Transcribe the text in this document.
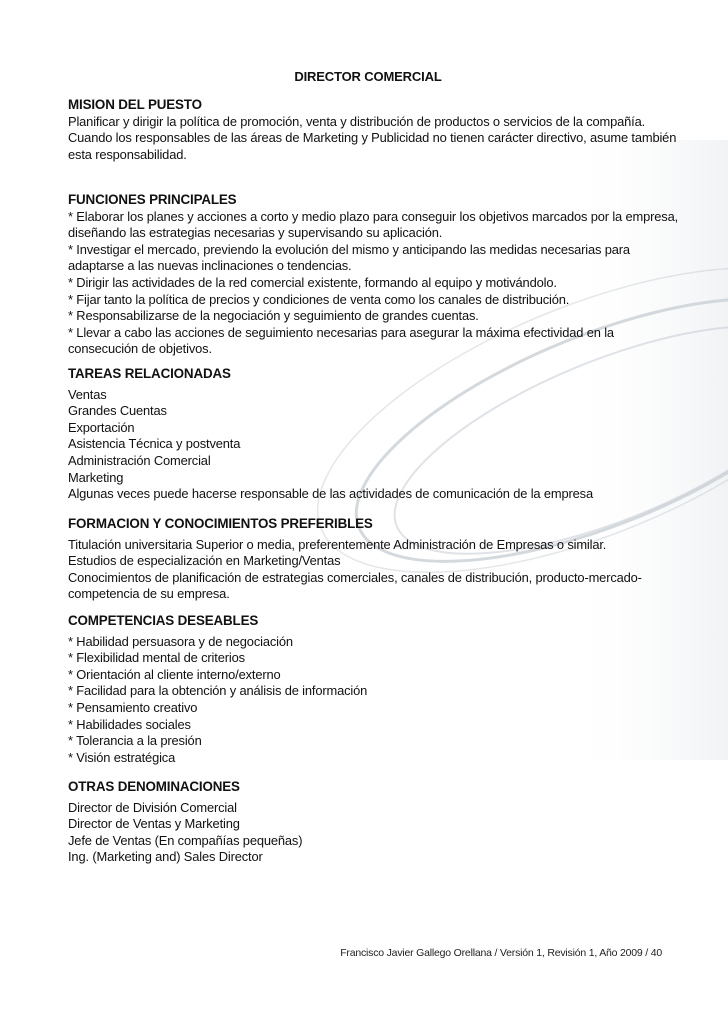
DIRECTOR COMERCIAL
MISION DEL PUESTO
Planificar y dirigir la política de promoción, venta y distribución de productos o servicios de la compañía.
Cuando los responsables de las áreas de Marketing y Publicidad no tienen carácter directivo, asume también
esta responsabilidad.
FUNCIONES PRINCIPALES
* Elaborar los planes y acciones a corto y medio plazo para conseguir los objetivos marcados por la empresa,
diseñando las estrategias necesarias y supervisando su aplicación.
* Investigar el mercado, previendo la evolución del mismo y anticipando las medidas necesarias para
adaptarse a las nuevas inclinaciones o tendencias.
* Dirigir las actividades de la red comercial existente, formando al equipo y motivándolo.
* Fijar tanto la política de precios y condiciones de venta como los canales de distribución.
* Responsabilizarse de la negociación y seguimiento de grandes cuentas.
* Llevar a cabo las acciones de seguimiento necesarias para asegurar la máxima efectividad en la
consecución de objetivos.
TAREAS RELACIONADAS
Ventas
Grandes Cuentas
Exportación
Asistencia Técnica y postventa
Administración Comercial
Marketing
Algunas veces puede hacerse responsable de las actividades de comunicación de la empresa
FORMACION Y CONOCIMIENTOS PREFERIBLES
Titulación universitaria Superior o media, preferentemente Administración de Empresas o similar.
Estudios de especialización en Marketing/Ventas
Conocimientos de planificación de estrategias comerciales, canales de distribución, producto-mercado-
competencia de su empresa.
COMPETENCIAS DESEABLES
* Habilidad persuasora y de negociación
* Flexibilidad mental de criterios
* Orientación al cliente interno/externo
* Facilidad para la obtención y análisis de información
* Pensamiento creativo
* Habilidades sociales
* Tolerancia a la presión
* Visión estratégica
OTRAS DENOMINACIONES
Director de División Comercial
Director de Ventas y Marketing
Jefe de Ventas (En compañías pequeñas)
Ing. (Marketing and) Sales Director
Francisco Javier Gallego Orellana / Versión 1, Revisión 1, Año 2009 / 40
